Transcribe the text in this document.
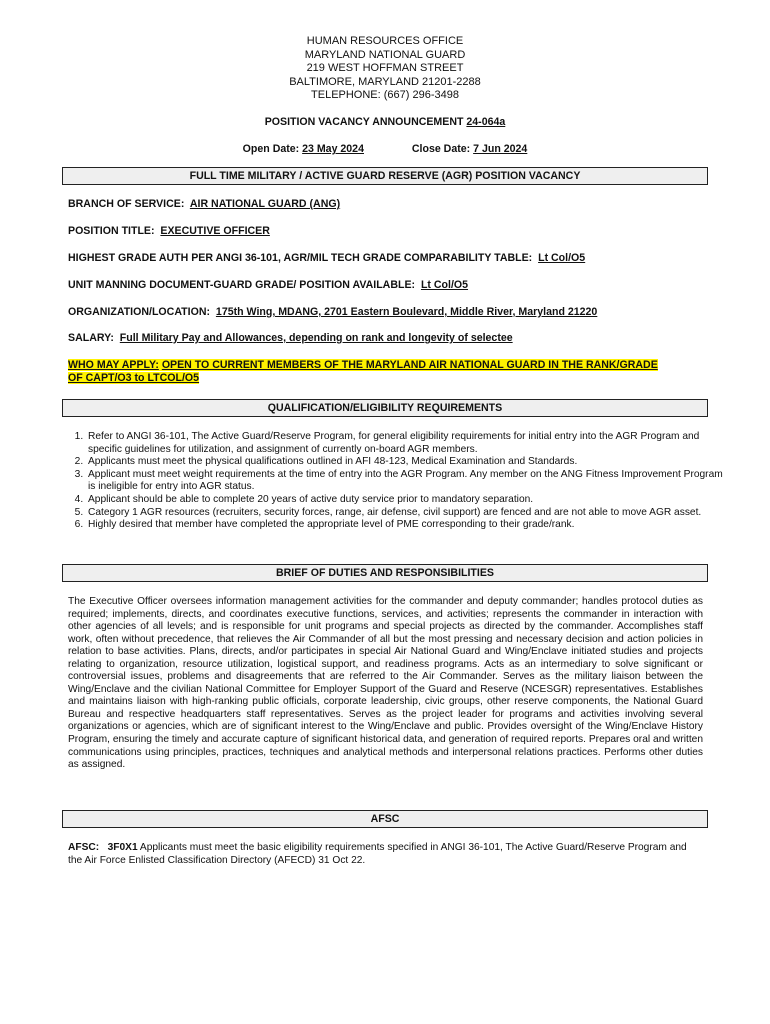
HUMAN RESOURCES OFFICE
MARYLAND NATIONAL GUARD
219 WEST HOFFMAN STREET
BALTIMORE, MARYLAND 21201-2288
TELEPHONE: (667) 296-3498
POSITION VACANCY ANNOUNCEMENT 24-064a
Open Date: 23 May 2024	Close Date: 7 Jun 2024
FULL TIME MILITARY / ACTIVE GUARD RESERVE (AGR) POSITION VACANCY
BRANCH OF SERVICE: AIR NATIONAL GUARD (ANG)
POSITION TITLE: EXECUTIVE OFFICER
HIGHEST GRADE AUTH PER ANGI 36-101, AGR/MIL TECH GRADE COMPARABILITY TABLE: Lt Col/O5
UNIT MANNING DOCUMENT-GUARD GRADE/ POSITION AVAILABLE: Lt Col/O5
ORGANIZATION/LOCATION:  175th Wing, MDANG, 2701 Eastern Boulevard, Middle River, Maryland 21220
SALARY: Full Military Pay and Allowances, depending on rank and longevity of selectee
WHO MAY APPLY: OPEN TO CURRENT MEMBERS OF THE MARYLAND AIR NATIONAL GUARD IN THE RANK/GRADE OF CAPT/O3 to LTCOL/O5
QUALIFICATION/ELIGIBILITY REQUIREMENTS
1. Refer to ANGI 36-101, The Active Guard/Reserve Program, for general eligibility requirements for initial entry into the AGR Program and specific guidelines for utilization, and assignment of currently on-board AGR members.
2. Applicants must meet the physical qualifications outlined in AFI 48-123, Medical Examination and Standards.
3. Applicant must meet weight requirements at the time of entry into the AGR Program. Any member on the ANG Fitness Improvement Program is ineligible for entry into AGR status.
4. Applicant should be able to complete 20 years of active duty service prior to mandatory separation.
5. Category 1 AGR resources (recruiters, security forces, range, air defense, civil support) are fenced and are not able to move AGR asset.
6. Highly desired that member have completed the appropriate level of PME corresponding to their grade/rank.
BRIEF OF DUTIES AND RESPONSIBILITIES

The Executive Officer oversees information management activities for the commander and deputy commander; handles protocol duties as required; implements, directs, and coordinates executive functions, services, and activities; represents the commander in interaction with other agencies of all levels; and is responsible for unit programs and special projects as directed by the commander. Accomplishes staff work, often without precedence, that relieves the Air Commander of all but the most pressing and necessary decision and action policies in relation to base activities. Plans, directs, and/or participates in special Air National Guard and Wing/Enclave initiated studies and projects relating to organization, resource utilization, logistical support, and readiness programs. Acts as an intermediary to solve significant or controversial issues, problems and disagreements that are referred to the Air Commander. Serves as the military liaison between the Wing/Enclave and the civilian National Committee for Employer Support of the Guard and Reserve (NCESGR) representatives. Establishes and maintains liaison with high-ranking public officials, corporate leadership, civic groups, other reserve components, the National Guard Bureau and respective headquarters staff representatives. Serves as the project leader for programs and activities involving several organizations or agencies, which are of significant interest to the Wing/Enclave and public. Provides oversight of the Wing/Enclave History Program, ensuring the timely and accurate capture of significant historical data, and generation of required reports. Prepares oral and written communications using principles, practices, techniques and analytical methods and interpersonal relations practices. Performs other duties as assigned.

AFSC

AFSC: 3F0X1 Applicants must meet the basic eligibility requirements specified in ANGI 36-101, The Active Guard/Reserve Program and the Air Force Enlisted Classification Directory (AFECD) 31 Oct 22.
